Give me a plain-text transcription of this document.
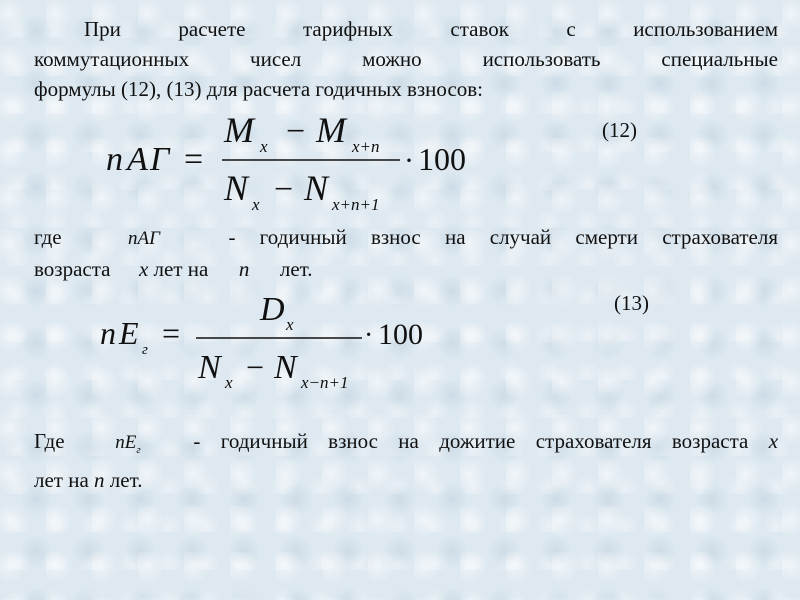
При расчете тарифных ставок с использованием
коммутационных чисел можно использовать специальные
формулы (12), (13) для расчета годичных взносов:
n A Г =
M x − M x+n
N x − N x+n+1
· 100
(12)
где	nAГ	- годичный взнос на случай смерти страхователя
возраста x лет на n лет.
n E г =
D x
N x − N x−n+1
· 100
(13)
Где	$nE_г$	- годичный взнос на дожитие страхователя возраста x
лет на n лет.
